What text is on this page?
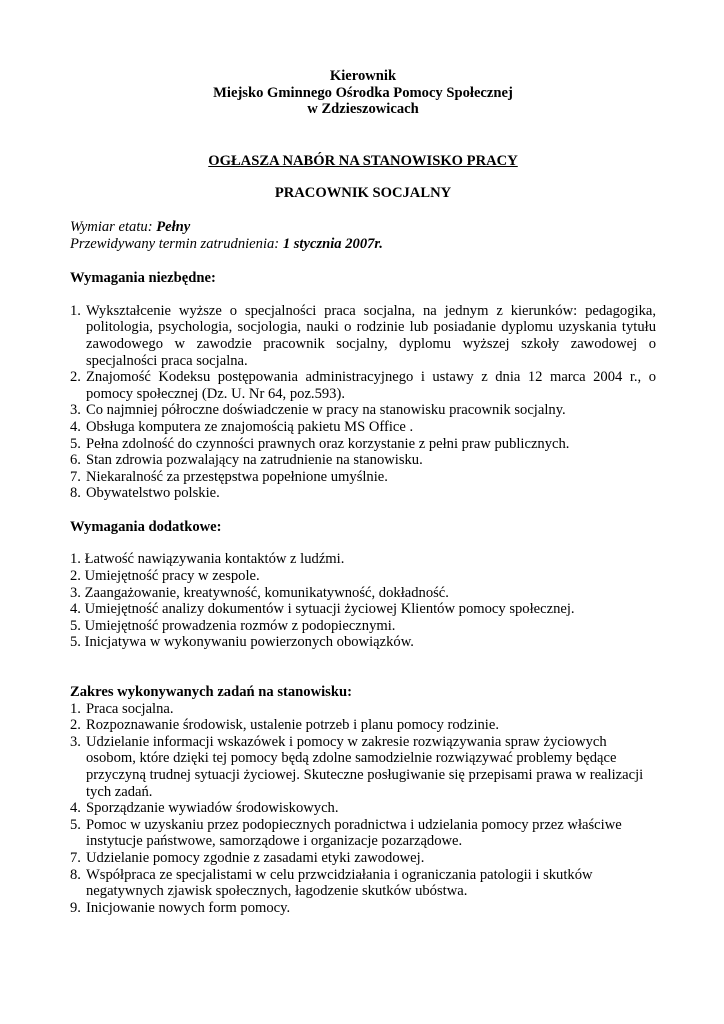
Kierownik
Miejsko Gminnego Ośrodka Pomocy Społecznej
w Zdzieszowicach
OGŁASZA NABÓR NA STANOWISKO PRACY
PRACOWNIK SOCJALNY
Wymiar etatu: Pełny
Przewidywany termin zatrudnienia: 1 stycznia 2007r.
Wymagania niezbędne:
1. Wykształcenie wyższe o specjalności praca socjalna, na jednym z kierunków: pedagogika, politologia, psychologia, socjologia, nauki o rodzinie lub posiadanie dyplomu uzyskania tytułu zawodowego w zawodzie pracownik socjalny, dyplomu wyższej szkoły zawodowej o specjalności praca socjalna.
2. Znajomość Kodeksu postępowania administracyjnego i ustawy z dnia 12 marca 2004 r., o pomocy społecznej (Dz. U. Nr 64, poz.593).
3. Co najmniej półroczne doświadczenie w pracy na stanowisku pracownik socjalny.
4. Obsługa komputera ze znajomością pakietu MS Office .
5. Pełna zdolność do czynności prawnych oraz korzystanie z pełni praw publicznych.
6. Stan zdrowia pozwalający na zatrudnienie na stanowisku.
7. Niekaralność za przestępstwa popełnione umyślnie.
8. Obywatelstwo polskie.
Wymagania dodatkowe:
1. Łatwość nawiązywania kontaktów z ludźmi.
2. Umiejętność pracy w zespole.
3. Zaangażowanie, kreatywność, komunikatywność, dokładność.
4. Umiejętność analizy dokumentów i sytuacji życiowej Klientów pomocy społecznej.
5. Umiejętność prowadzenia rozmów z podopiecznymi.
5. Inicjatywa w wykonywaniu powierzonych obowiązków.
Zakres wykonywanych zadań na stanowisku:
1. Praca socjalna.
2. Rozpoznawanie środowisk, ustalenie potrzeb i planu pomocy rodzinie.
3. Udzielanie informacji wskazówek i pomocy w zakresie rozwiązywania spraw życiowych osobom, które dzięki tej pomocy będą zdolne samodzielnie rozwiązywać problemy będące przyczyną trudnej sytuacji życiowej. Skuteczne posługiwanie się przepisami prawa w realizacji tych zadań.
4. Sporządzanie wywiadów środowiskowych.
5. Pomoc w uzyskaniu przez podopiecznych poradnictwa i udzielania pomocy przez właściwe instytucje państwowe, samorządowe i organizacje pozarządowe.
7. Udzielanie pomocy zgodnie z zasadami etyki zawodowej.
8. Współpraca ze specjalistami w celu przwcidziałania i ograniczania patologii i skutków negatywnych zjawisk społecznych, łagodzenie skutków ubóstwa.
9. Inicjowanie nowych form pomocy.
